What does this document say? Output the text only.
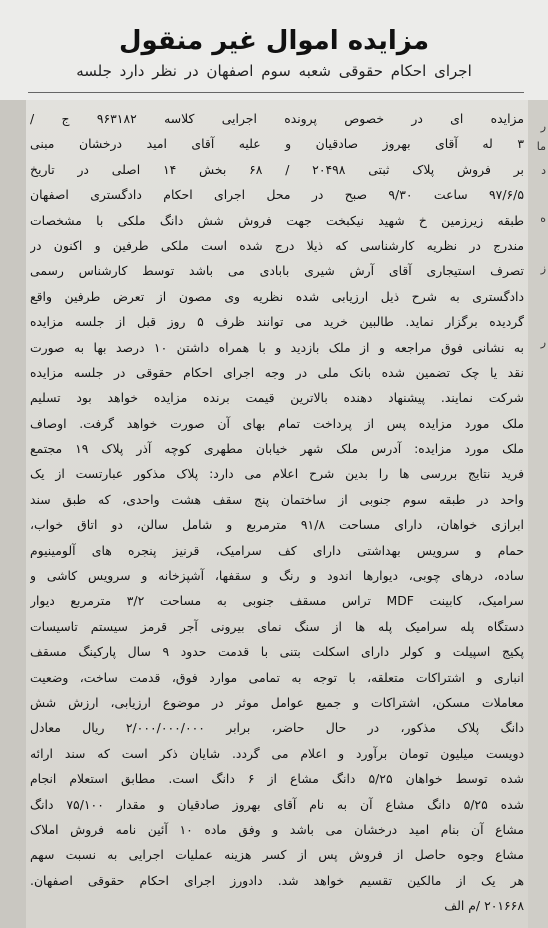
مزایده اموال غیر منقول
اجرای احکام حقوقی شعبه سوم اصفهان در نظر دارد جلسه
ر
ما
د
ه
ز
ر
مزایده ای در خصوص پرونده اجرایی کلاسه ۹۶۳۱۸۲ ج /
۳ له آقای بهروز صادقیان و علیه آقای امید درخشان مبنی
بر فروش پلاک ثبتی ۲۰۴۹۸ / ۶۸ بخش ۱۴ اصلی در تاریخ
۹۷/۶/۵ ساعت ۹/۳۰ صبح در محل اجرای احکام دادگستری اصفهان
طبقه زیرزمین خ شهید نیکبخت جهت فروش شش دانگ ملکی با مشخصات
مندرج در نظریه کارشناسی که ذیلا درج شده است ملکی طرفین و اکنون در
تصرف استیجاری آقای آرش شیری بابادی می باشد توسط کارشناس رسمی
دادگستری به شرح ذیل ارزیابی شده نظریه وی مصون از تعرض طرفین واقع
گردیده برگزار نماید. طالبین خرید می توانند ظرف ۵ روز قبل از جلسه مزایده
به نشانی فوق مراجعه و از ملک بازدید و با همراه داشتن ۱۰ درصد بها به صورت
نقد یا چک تضمین شده بانک ملی در وجه اجرای احکام حقوقی در جلسه مزایده
شرکت نمایند. پیشنهاد دهنده بالاترین قیمت برنده مزایده خواهد بود تسلیم
ملک مورد مزایده پس از پرداخت تمام بهای آن صورت خواهد گرفت. اوصاف
ملک مورد مزایده: آدرس ملک شهر خیابان مطهری کوچه آذر پلاک ۱۹ مجتمع
فرید نتایج بررسی ها را بدین شرح اعلام می دارد: پلاک مذکور عبارتست از یک
واحد در طبقه سوم جنوبی از ساختمان پنج سقف هشت واحدی، که طبق سند
ابرازی خواهان، دارای مساحت ۹۱/۸ مترمربع و شامل سالن، دو اتاق خواب،
حمام و سرویس بهداشتی دارای کف سرامیک، قرنیز پنجره های آلومینیوم
ساده، درهای چوبی، دیوارها اندود و رنگ و سقفها، آشپزخانه و سرویس کاشی و
سرامیک، کابینت MDF تراس مسقف جنوبی به مساحت ۳/۲ مترمربع دیوار
دستگاه پله سرامیک پله ها از سنگ نمای بیرونی آجر قرمز سیستم تاسیسات
پکیج اسپیلت و کولر دارای اسکلت بتنی با قدمت حدود ۹ سال پارکینگ مسقف
انباری و اشتراکات متعلقه، با توجه به تمامی موارد فوق، قدمت ساخت، وضعیت
معاملات مسکن، اشتراکات و جمیع عوامل موثر در موضوع ارزیابی، ارزش شش
دانگ پلاک مذکور، در حال حاضر، برابر ۲/۰۰۰/۰۰۰/۰۰۰ ریال معادل
دویست میلیون تومان برآورد و اعلام می گردد. شایان ذکر است که سند ارائه
شده توسط خواهان ۵/۲۵ دانگ مشاع از ۶ دانگ است. مطابق استعلام انجام
شده ۵/۲۵ دانگ مشاع آن به نام آقای بهروز صادقیان و مقدار ۷۵/۱۰۰ دانگ
مشاع آن بنام امید درخشان می باشد و وفق ماده ۱۰ آئین نامه فروش املاک
مشاع وجوه حاصل از فروش پس از کسر هزینه عملیات اجرایی به نسبت سهم
هر یک از مالکین تقسیم خواهد شد. دادورز اجرای احکام حقوقی اصفهان.
۲۰۱۶۶۸ /م الف
